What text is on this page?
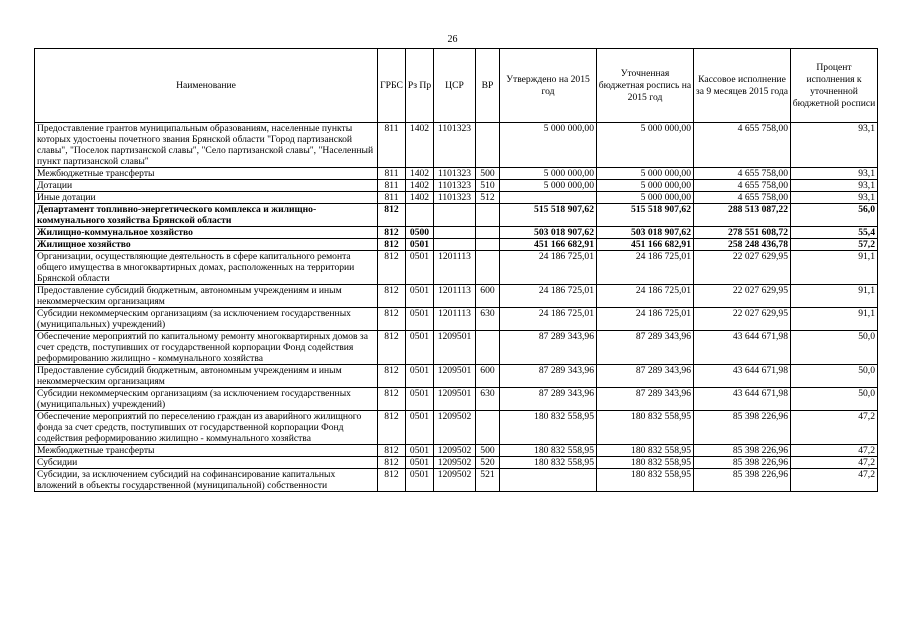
26
Наименование	ГРБС	Рз Пр	ЦСР	ВР	Утверждено на 2015 год	Уточненная бюджетная роспись на 2015 год	Кассовое исполнение за 9 месяцев 2015 года	Процент исполнения к уточненной бюджетной росписи
Предоставление грантов муниципальным образованиям, населенные пункты которых удостоены почетного звания Брянской области "Город партизанской славы", "Поселок партизанской славы", "Село партизанской славы", "Населенный пункт партизанской славы"	811	1402	1101323		5 000 000,00	5 000 000,00	4 655 758,00	93,1
Межбюджетные трансферты	811	1402	1101323	500	5 000 000,00	5 000 000,00	4 655 758,00	93,1
Дотации	811	1402	1101323	510	5 000 000,00	5 000 000,00	4 655 758,00	93,1
Иные дотации	811	1402	1101323	512		5 000 000,00	4 655 758,00	93,1
Департамент топливно-энергетического комплекса и жилищно-коммунального хозяйства Брянской области	812				515 518 907,62	515 518 907,62	288 513 087,22	56,0
Жилищно-коммунальное хозяйство	812	0500			503 018 907,62	503 018 907,62	278 551 608,72	55,4
Жилищное хозяйство	812	0501			451 166 682,91	451 166 682,91	258 248 436,78	57,2
Организации, осуществляющие деятельность в сфере капитального ремонта общего имущества в многоквартирных домах, расположенных на территории Брянской области	812	0501	1201113		24 186 725,01	24 186 725,01	22 027 629,95	91,1
Предоставление субсидий бюджетным, автономным учреждениям и иным некоммерческим организациям	812	0501	1201113	600	24 186 725,01	24 186 725,01	22 027 629,95	91,1
Субсидии некоммерческим организациям (за исключением государственных (муниципальных) учреждений)	812	0501	1201113	630	24 186 725,01	24 186 725,01	22 027 629,95	91,1
Обеспечение мероприятий по капитальному ремонту многоквартирных домов за счет средств, поступивших от государственной корпорации Фонд содействия реформированию жилищно - коммунального хозяйства	812	0501	1209501		87 289 343,96	87 289 343,96	43 644 671,98	50,0
Предоставление субсидий бюджетным, автономным учреждениям и иным некоммерческим организациям	812	0501	1209501	600	87 289 343,96	87 289 343,96	43 644 671,98	50,0
Субсидии некоммерческим организациям (за исключением государственных (муниципальных) учреждений)	812	0501	1209501	630	87 289 343,96	87 289 343,96	43 644 671,98	50,0
Обеспечение мероприятий по переселению граждан из аварийного жилищного фонда за счет средств, поступивших от государственной корпорации Фонд содействия реформированию жилищно - коммунального хозяйства	812	0501	1209502		180 832 558,95	180 832 558,95	85 398 226,96	47,2
Межбюджетные трансферты	812	0501	1209502	500	180 832 558,95	180 832 558,95	85 398 226,96	47,2
Субсидии	812	0501	1209502	520	180 832 558,95	180 832 558,95	85 398 226,96	47,2
Субсидии, за исключением субсидий на софинансирование капитальных вложений в объекты государственной (муниципальной) собственности	812	0501	1209502	521		180 832 558,95	85 398 226,96	47,2
